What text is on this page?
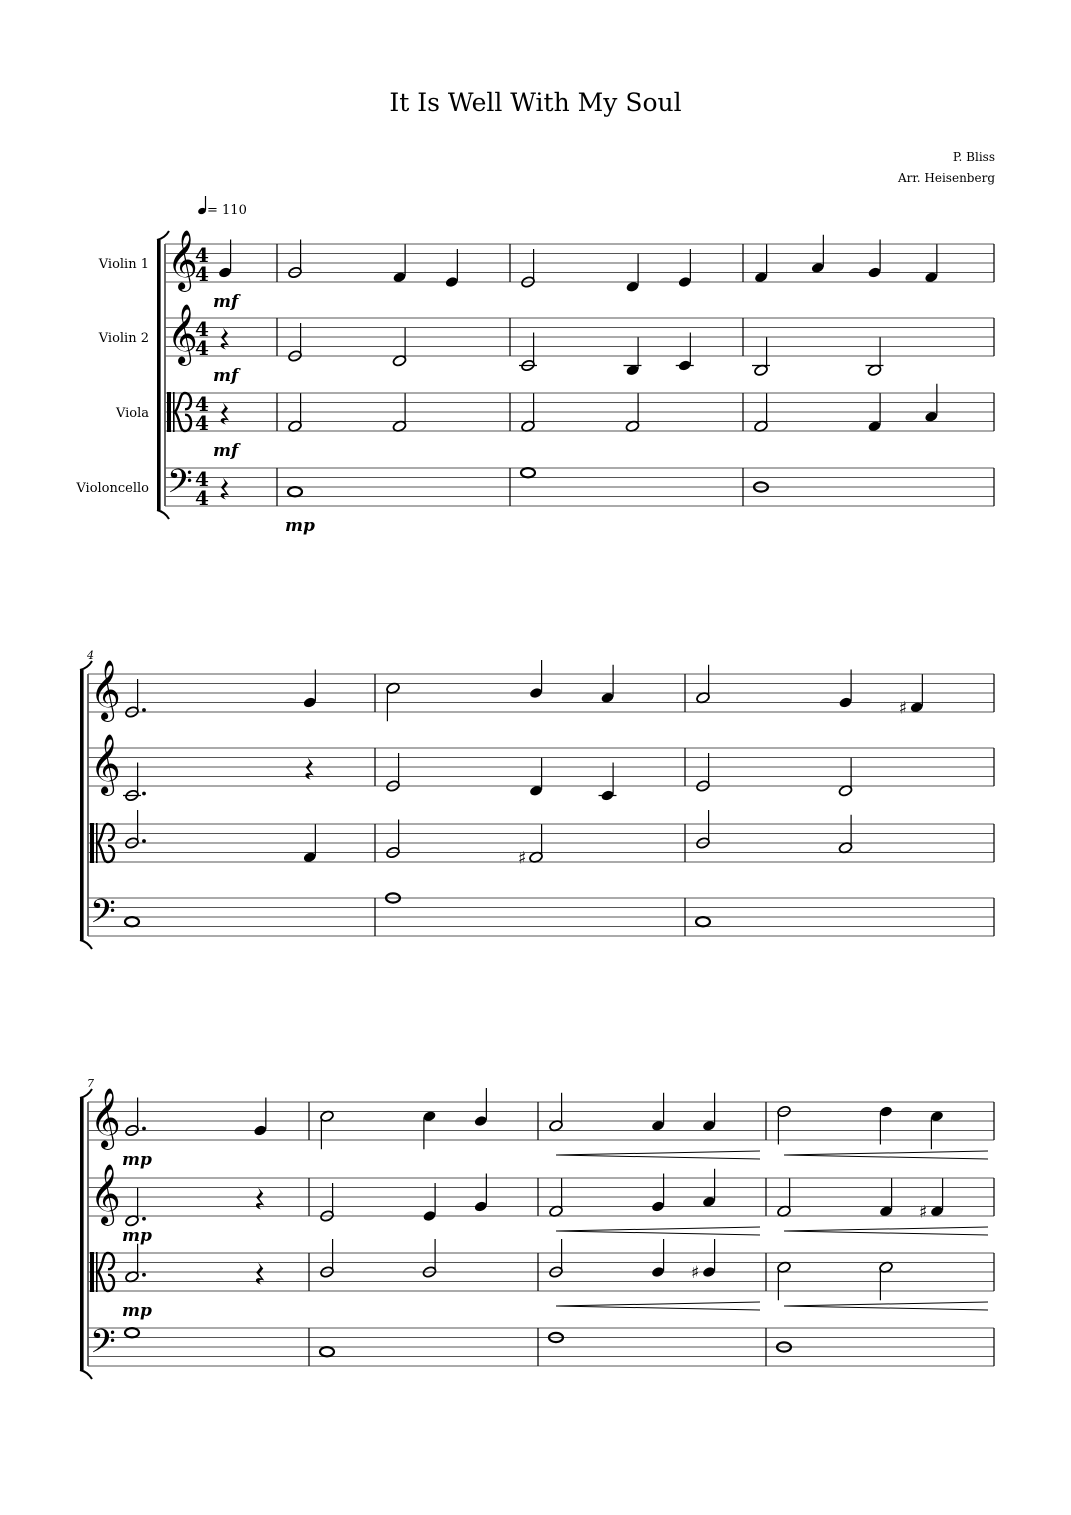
It Is Well With My Soul
P. Bliss
Arr. Heisenberg
= 110
Violin 1 𝄞
4
4
Violin 2 𝄞
4
4
Viola 4
4
Violoncello 𝄢 4
4
mf
mf
mf
mp
4
𝄞
𝄞
𝄢
♯
♯
7
𝄞
𝄞
𝄢
mp
mp
mp
♯
♯
